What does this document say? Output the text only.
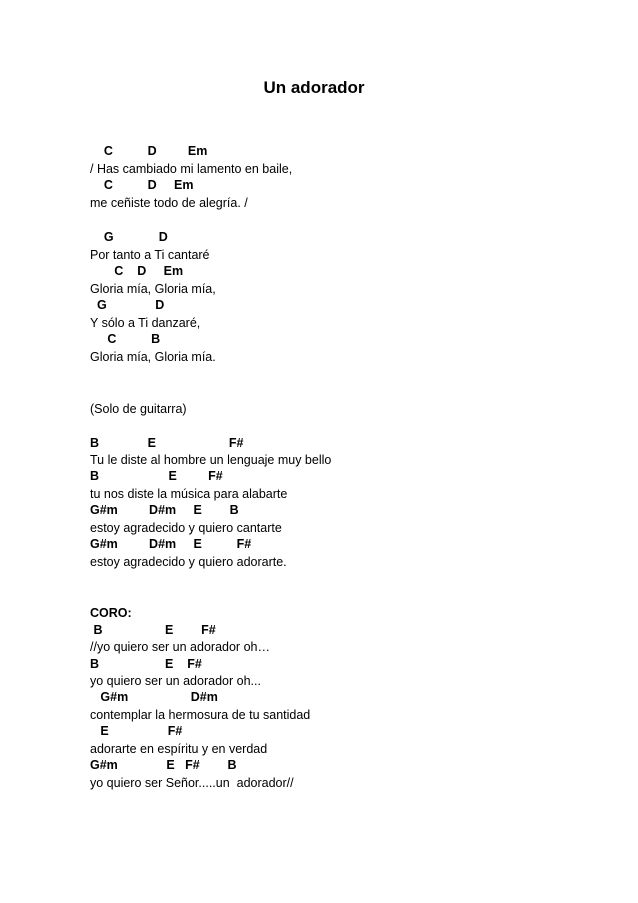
Un adorador

C          D         Em

/ Has cambiado mi lamento en baile,

C          D     Em

me ceñiste todo de alegría. /

G             D

Por tanto a Ti cantaré

C    D     Em

Gloria mía, Gloria mía,

G              D

Y sólo a Ti danzaré,

C          B

Gloria mía, Gloria mía.

(Solo de guitarra)

B              E                     F#

Tu le diste al hombre un lenguaje muy bello

B                    E         F#

tu nos diste la música para alabarte

G#m         D#m     E        B

estoy agradecido y quiero cantarte

G#m         D#m     E          F#

estoy agradecido y quiero adorarte.

CORO:

B                  E        F#

//yo quiero ser un adorador oh…

B                   E    F#

yo quiero ser un adorador oh...

G#m                  D#m

contemplar la hermosura de tu santidad

E                 F#

adorarte en espíritu y en verdad

G#m              E   F#        B

yo quiero ser Señor.....un  adorador//
